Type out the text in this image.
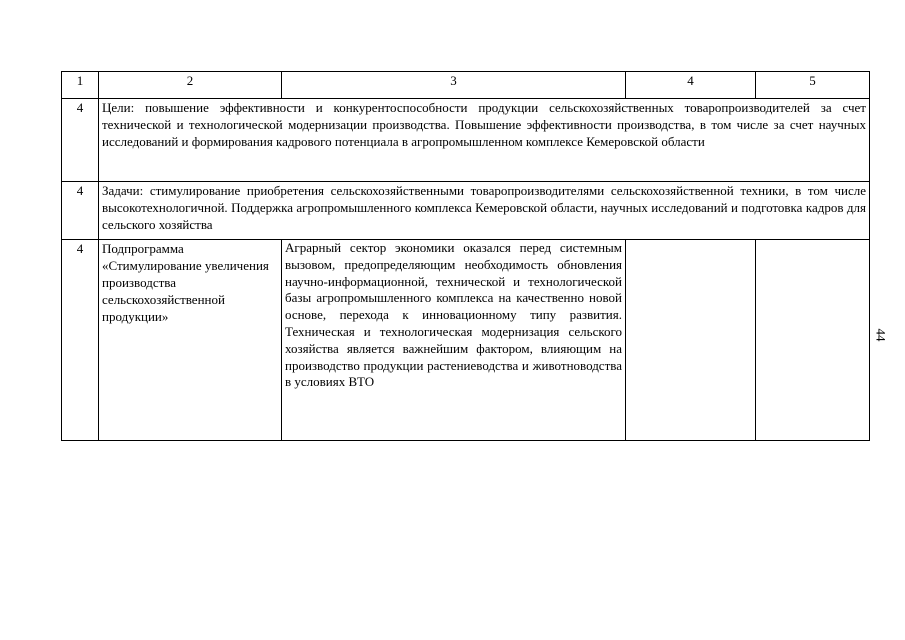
1	2	3	4	5
4	Цели: повышение эффективности и конкурентоспособности продукции сельскохозяйственных товаропроизводителей за счет технической и технологической модернизации производства. Повышение эффективности производства, в том числе за счет научных исследований и формирования кадрового потенциала в агропромышленном комплексе Кемеровской области			
4	Задачи: стимулирование приобретения сельскохозяйственными товаропроизводителями сельскохозяйственной техники, в том числе высокотехнологичной. Поддержка агропромышленного комплекса Кемеровской области, научных исследований и подготовка кадров для сельского хозяйства			
4	Подпрограмма «Стимулирование увеличения производства сельскохозяйственной продукции»	Аграрный сектор экономики оказался перед системным вызовом, предопределяющим необходимость обновления научно-информационной, технической и технологической базы агропромышленного комплекса на качественно новой основе, перехода к инновационному типу развития. Техническая и технологическая модернизация сельского хозяйства является важнейшим фактором, влияющим на производство продукции растениеводства и животноводства в условиях ВТО		
44
